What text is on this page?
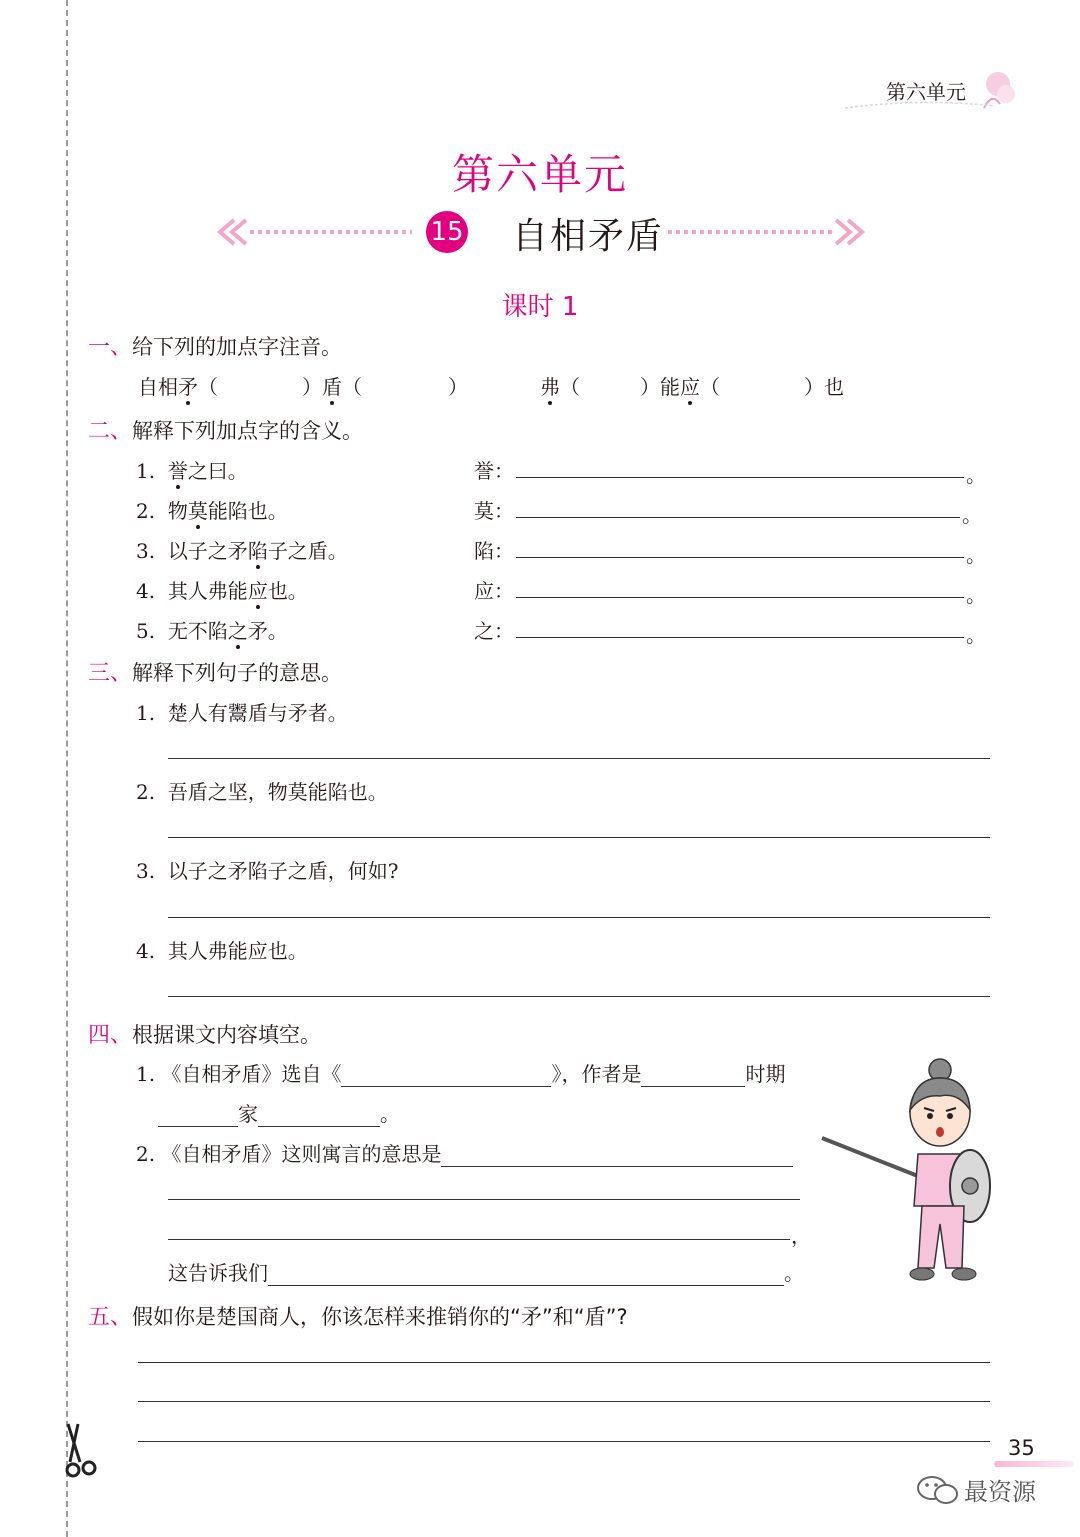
第六单元
第六单元
15 自相矛盾
课时 1
一、给下列的加点字注音。
自相矛（	）盾（	）	弗（	）能应（	）也
二、解释下列加点字的含义。
1. 誉之曰。	誉：	。
2. 物莫能陷也。	莫：	。
3. 以子之矛陷子之盾。	陷：	。
4. 其人弗能应也。	应：	。
5. 无不陷之矛。	之：	。
三、解释下列句子的意思。
1. 楚人有鬻盾与矛者。
2. 吾盾之坚，物莫能陷也。
3. 以子之矛陷子之盾，何如?
4. 其人弗能应也。
四、根据课文内容填空。
1. 《自相矛盾》选自《	》，作者是	时期
家	。
2. 《自相矛盾》这则寓言的意思是
，
这告诉我们	。
五、假如你是楚国商人，你该怎样来推销你的“矛”和“盾”?
35
最资源
